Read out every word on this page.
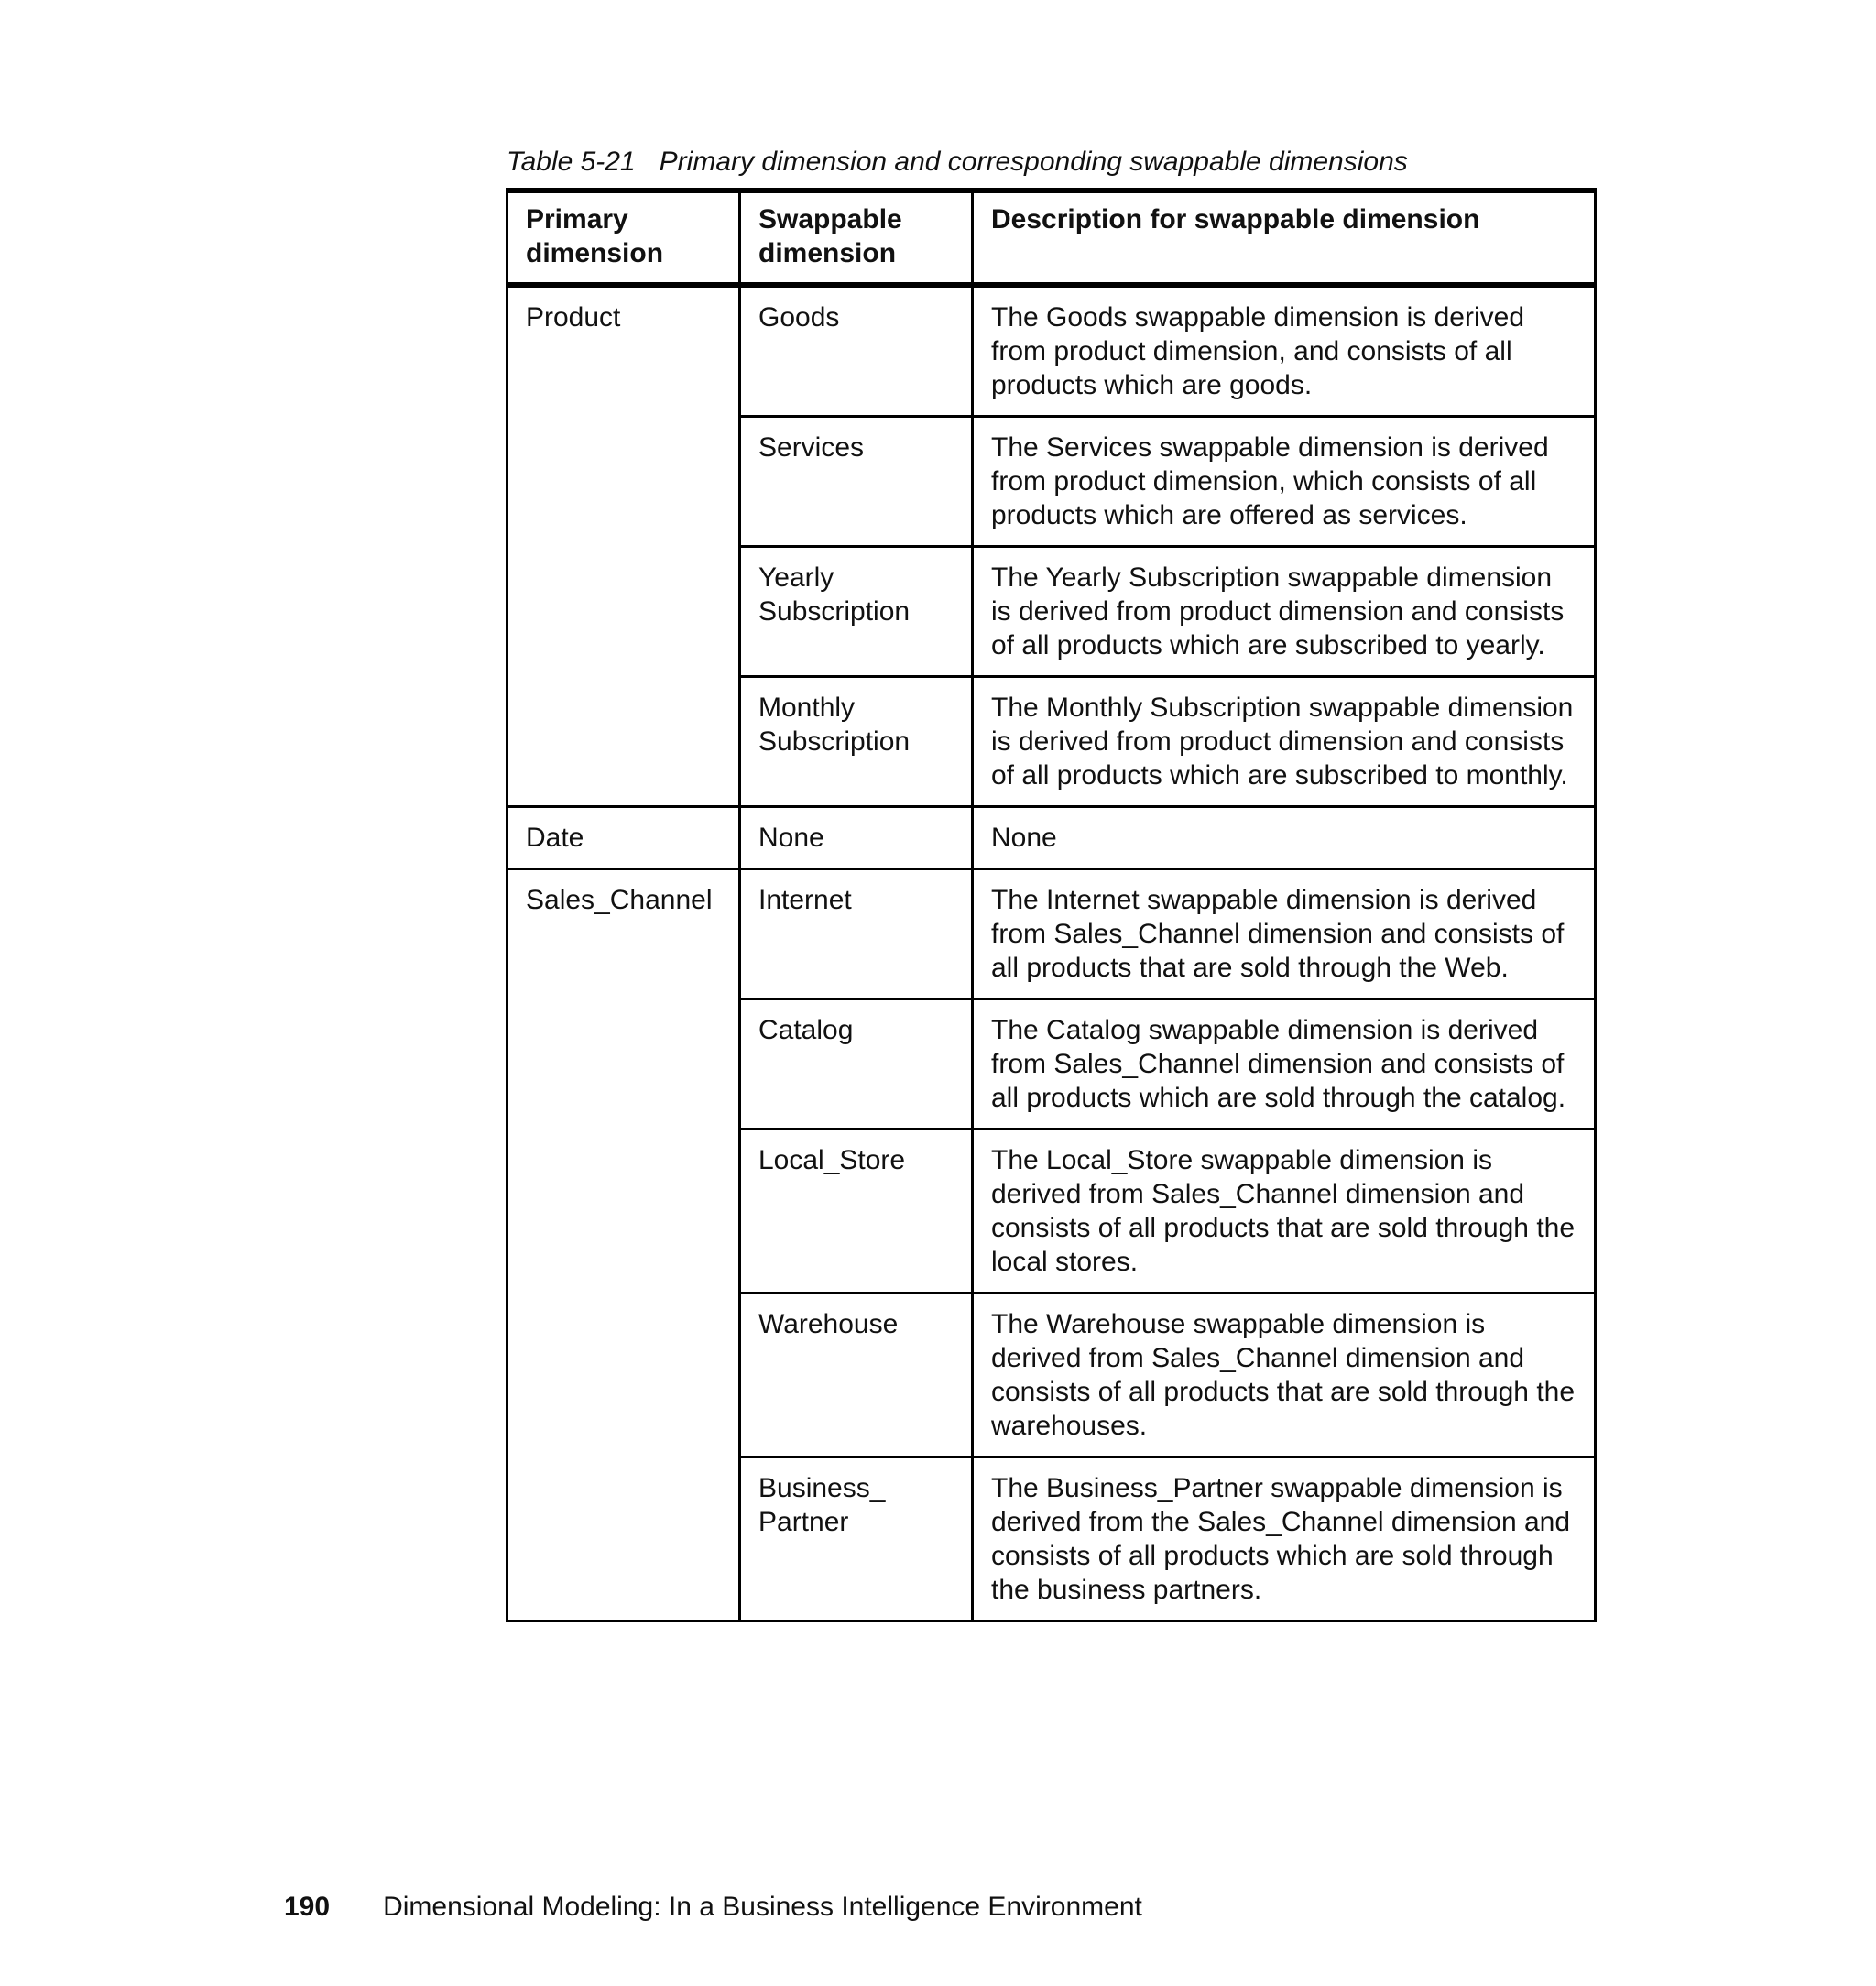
Table 5-21 Primary dimension and corresponding swappable dimensions
Primary dimension	Swappable dimension	Description for swappable dimension
Product	Goods	The Goods swappable dimension is derived from product dimension, and consists of all products which are goods.
	Services	The Services swappable dimension is derived from product dimension, which consists of all products which are offered as services.
	Yearly Subscription	The Yearly Subscription swappable dimension is derived from product dimension and consists of all products which are subscribed to yearly.
	Monthly Subscription	The Monthly Subscription swappable dimension is derived from product dimension and consists of all products which are subscribed to monthly.
Date	None	None
Sales_Channel	Internet	The Internet swappable dimension is derived from Sales_Channel dimension and consists of all products that are sold through the Web.
	Catalog	The Catalog swappable dimension is derived from Sales_Channel dimension and consists of all products which are sold through the catalog.
	Local_Store	The Local_Store swappable dimension is derived from Sales_Channel dimension and consists of all products that are sold through the local stores.
	Warehouse	The Warehouse swappable dimension is derived from Sales_Channel dimension and consists of all products that are sold through the warehouses.
	Business_ Partner	The Business_Partner swappable dimension is derived from the Sales_Channel dimension and consists of all products which are sold through the business partners.
190 Dimensional Modeling: In a Business Intelligence Environment
